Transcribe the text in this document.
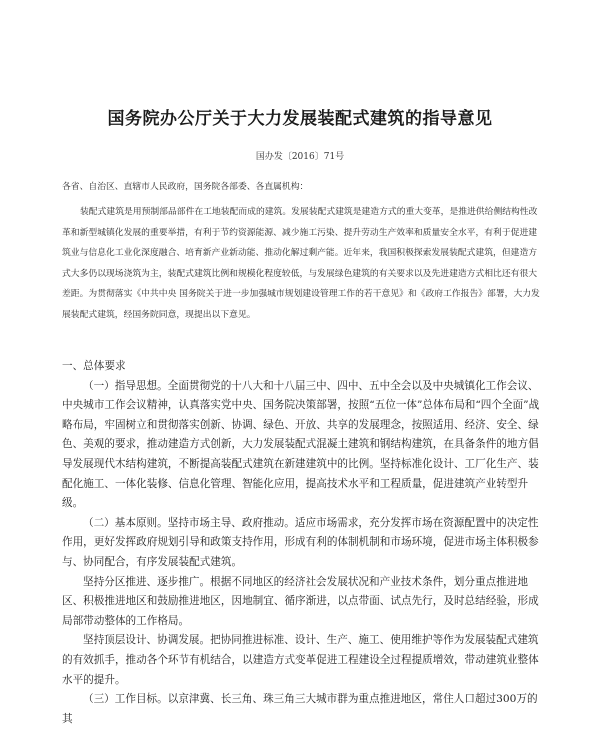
国务院办公厅关于大力发展装配式建筑的指导意见
国办发〔2016〕71号
各省、自治区、直辖市人民政府，国务院各部委、各直属机构：
装配式建筑是用预制部品部件在工地装配而成的建筑。发展装配式建筑是建造方式的重大变革，是推进供给侧结构性改革和新型城镇化发展的重要举措，有利于节约资源能源、减少施工污染、提升劳动生产效率和质量安全水平，有利于促进建筑业与信息化工业化深度融合、培育新产业新动能、推动化解过剩产能。近年来，我国积极探索发展装配式建筑，但建造方式大多仍以现场浇筑为主，装配式建筑比例和规模化程度较低，与发展绿色建筑的有关要求以及先进建造方式相比还有很大差距。为贯彻落实《中共中央 国务院关于进一步加强城市规划建设管理工作的若干意见》和《政府工作报告》部署，大力发展装配式建筑，经国务院同意，现提出以下意见。

一、总体要求

（一）指导思想。全面贯彻党的十八大和十八届三中、四中、五中全会以及中央城镇化工作会议、中央城市工作会议精神，认真落实党中央、国务院决策部署，按照“五位一体”总体布局和“四个全面”战略布局，牢固树立和贯彻落实创新、协调、绿色、开放、共享的发展理念，按照适用、经济、安全、绿色、美观的要求，推动建造方式创新，大力发展装配式混凝土建筑和钢结构建筑，在具备条件的地方倡导发展现代木结构建筑，不断提高装配式建筑在新建建筑中的比例。坚持标准化设计、工厂化生产、装配化施工、一体化装修、信息化管理、智能化应用，提高技术水平和工程质量，促进建筑产业转型升级。

（二）基本原则。坚持市场主导、政府推动。适应市场需求，充分发挥市场在资源配置中的决定性作用，更好发挥政府规划引导和政策支持作用，形成有利的体制机制和市场环境，促进市场主体积极参与、协同配合，有序发展装配式建筑。

坚持分区推进、逐步推广。根据不同地区的经济社会发展状况和产业技术条件，划分重点推进地区、积极推进地区和鼓励推进地区，因地制宜、循序渐进，以点带面、试点先行，及时总结经验，形成局部带动整体的工作格局。

坚持顶层设计、协调发展。把协同推进标准、设计、生产、施工、使用维护等作为发展装配式建筑的有效抓手，推动各个环节有机结合，以建造方式变革促进工程建设全过程提质增效，带动建筑业整体水平的提升。

（三）工作目标。以京津冀、长三角、珠三角三大城市群为重点推进地区，常住人口超过300万的其
